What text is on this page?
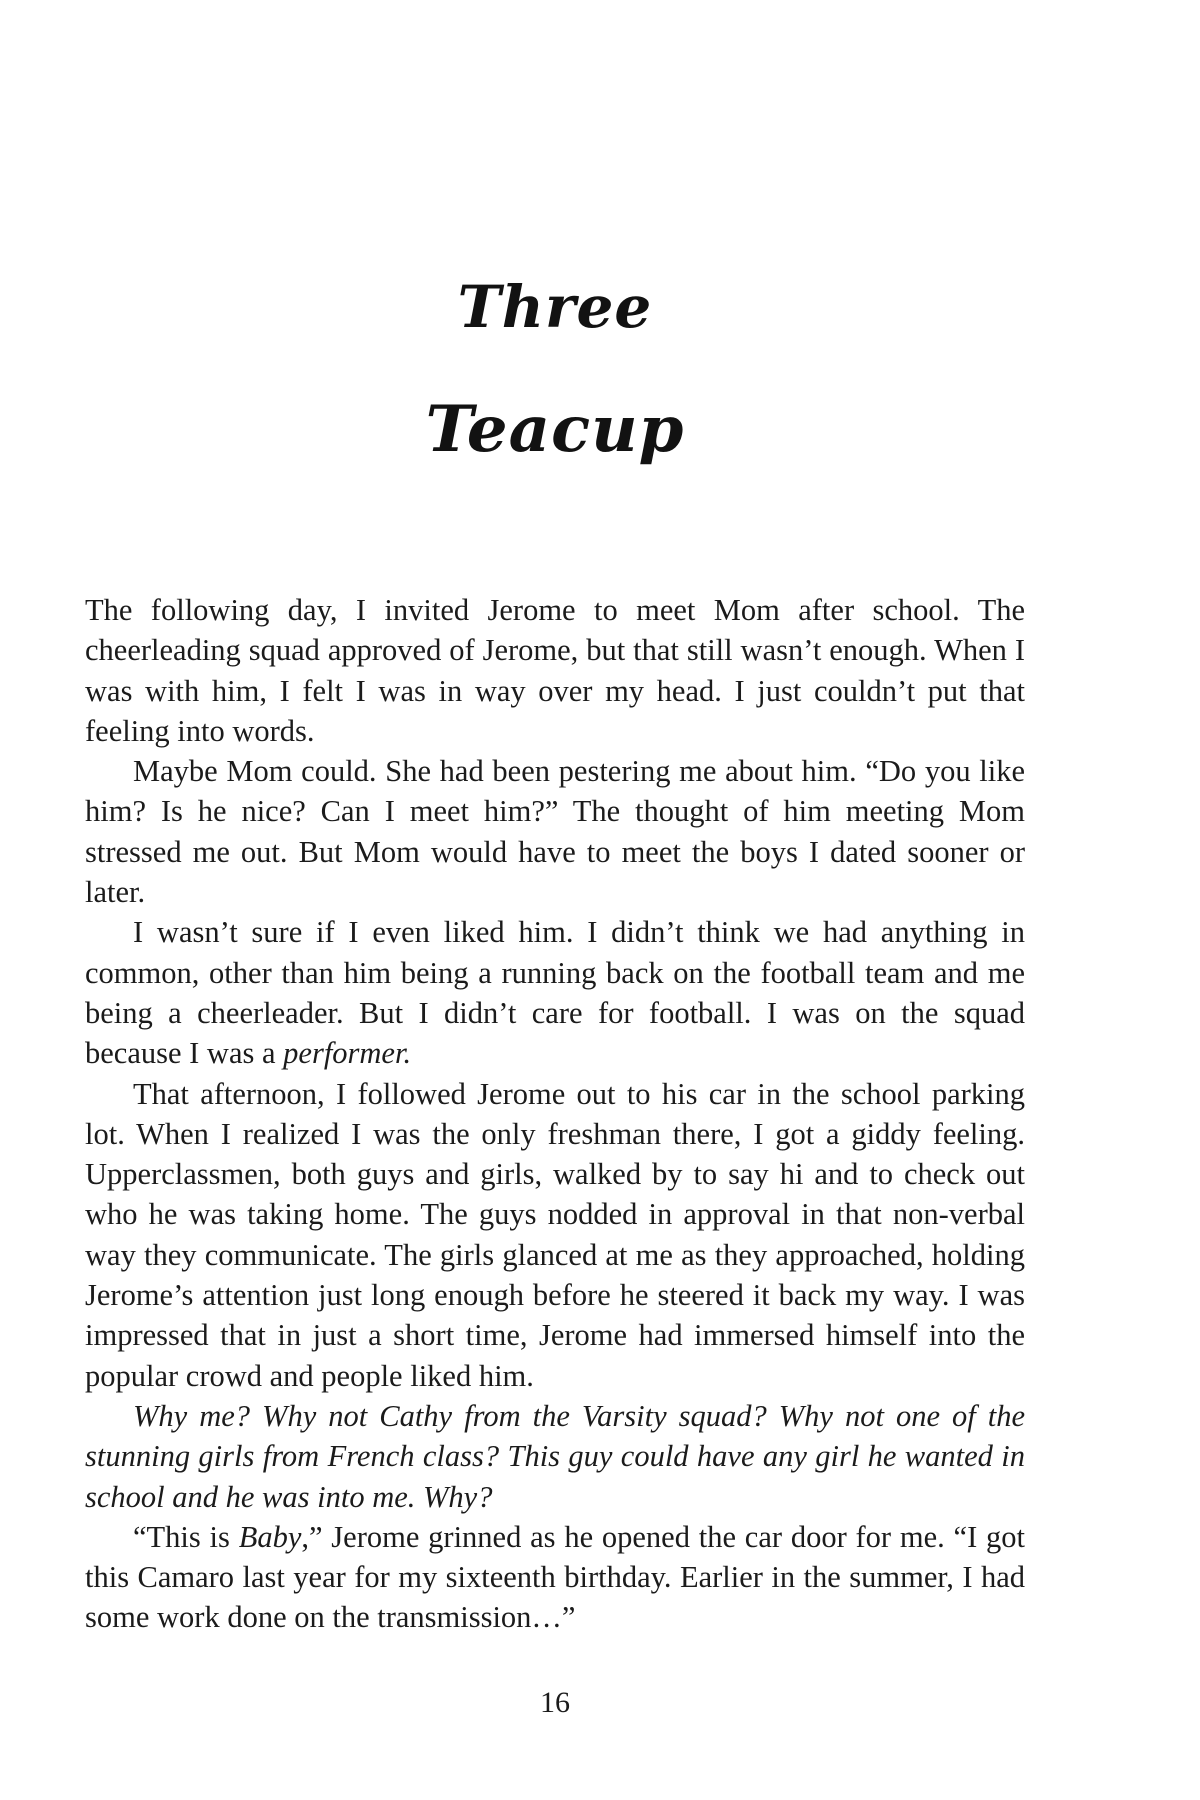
Three
Teacup

The following day, I invited Jerome to meet Mom after school. The cheerleading squad approved of Jerome, but that still wasn’t enough. When I was with him, I felt I was in way over my head. I just couldn’t put that feeling into words.

Maybe Mom could. She had been pestering me about him. “Do you like him? Is he nice? Can I meet him?” The thought of him meeting Mom stressed me out. But Mom would have to meet the boys I dated sooner or later.

I wasn’t sure if I even liked him. I didn’t think we had anything in common, other than him being a running back on the football team and me being a cheerleader. But I didn’t care for football. I was on the squad because I was a performer.

That afternoon, I followed Jerome out to his car in the school parking lot. When I realized I was the only freshman there, I got a giddy feeling. Upperclassmen, both guys and girls, walked by to say hi and to check out who he was taking home. The guys nodded in approval in that non-verbal way they communicate. The girls glanced at me as they approached, holding Jerome’s attention just long enough before he steered it back my way. I was impressed that in just a short time, Jerome had immersed himself into the popular crowd and people liked him.

Why me? Why not Cathy from the Varsity squad? Why not one of the stunning girls from French class? This guy could have any girl he wanted in school and he was into me. Why?

“This is Baby,” Jerome grinned as he opened the car door for me. “I got this Camaro last year for my sixteenth birthday. Earlier in the summer, I had some work done on the transmission…”

16
